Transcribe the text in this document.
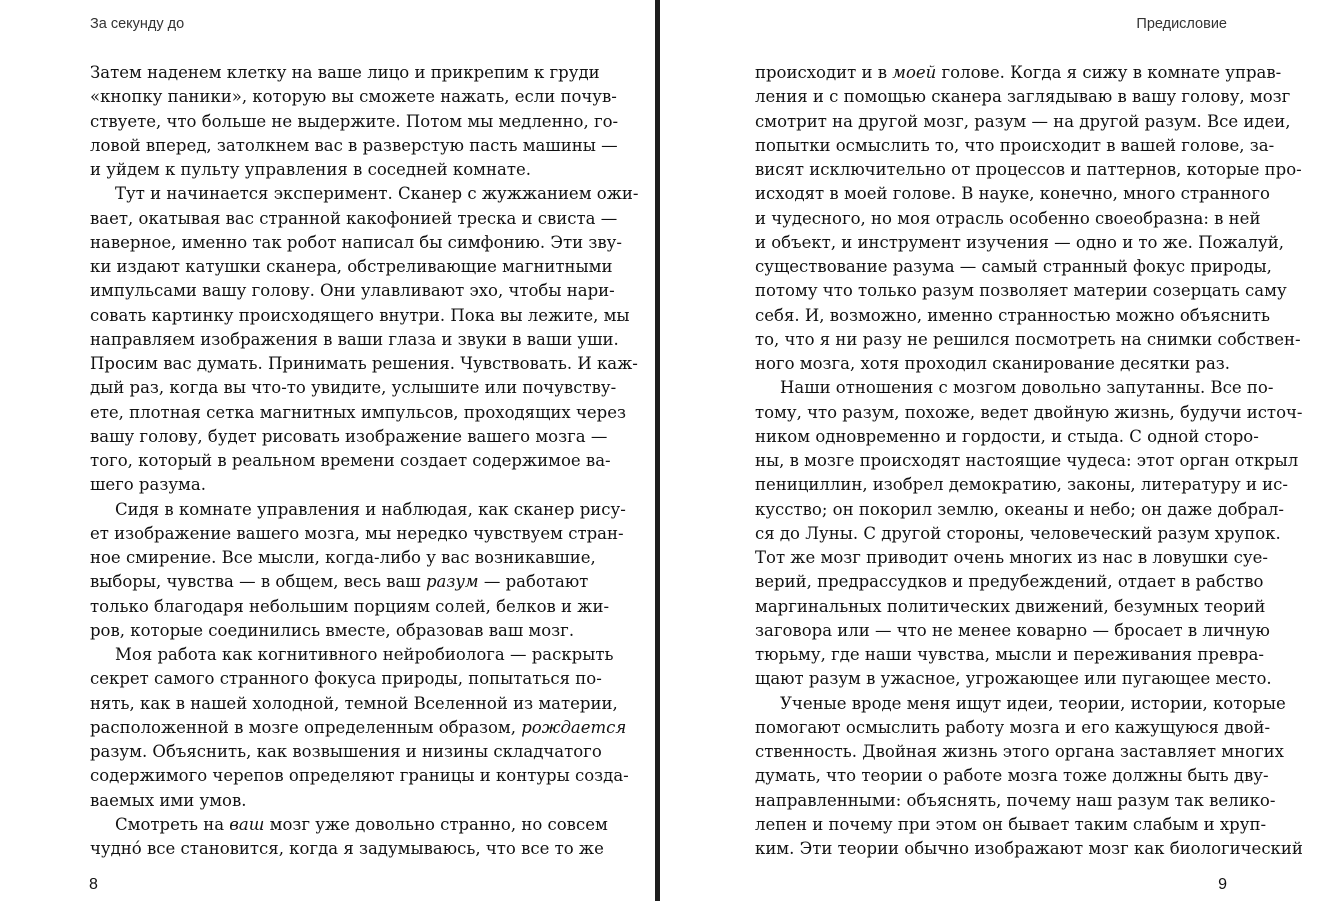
За секунду до
Затем наденем клетку на ваше лицо и прикрепим к груди
«кнопку паники», которую вы сможете нажать, если почув-
ствуете, что больше не выдержите. Потом мы медленно, го-
ловой вперед, затолкнем вас в разверстую пасть машины —
и уйдем к пульту управления в соседней комнате.
Тут и начинается эксперимент. Сканер с жужжанием ожи-
вает, окатывая вас странной какофонией треска и свиста —
наверное, именно так робот написал бы симфонию. Эти зву-
ки издают катушки сканера, обстреливающие магнитными
импульсами вашу голову. Они улавливают эхо, чтобы нари-
совать картинку происходящего внутри. Пока вы лежите, мы
направляем изображения в ваши глаза и звуки в ваши уши.
Просим вас думать. Принимать решения. Чувствовать. И каж-
дый раз, когда вы что-то увидите, услышите или почувству-
ете, плотная сетка магнитных импульсов, проходящих через
вашу голову, будет рисовать изображение вашего мозга —
того, который в реальном времени создает содержимое ва-
шего разума.
Сидя в комнате управления и наблюдая, как сканер рису-
ет изображение вашего мозга, мы нередко чувствуем стран-
ное смирение. Все мысли, когда-либо у вас возникавшие,
выборы, чувства — в общем, весь ваш разум — работают
только благодаря небольшим порциям солей, белков и жи-
ров, которые соединились вместе, образовав ваш мозг.
Моя работа как когнитивного нейробиолога — раскрыть
секрет самого странного фокуса природы, попытаться по-
нять, как в нашей холодной, темной Вселенной из материи,
расположенной в мозге определенным образом, рождается
разум. Объяснить, как возвышения и низины складчатого
содержимого черепов определяют границы и контуры созда-
ваемых ими умов.
Смотреть на ваш мозг уже довольно странно, но совсем
чудно́ все становится, когда я задумываюсь, что все то же
8
Предисловие
происходит и в моей голове. Когда я сижу в комнате управ-
ления и с помощью сканера заглядываю в вашу голову, мозг
смотрит на другой мозг, разум — на другой разум. Все идеи,
попытки осмыслить то, что происходит в вашей голове, за-
висят исключительно от процессов и паттернов, которые про-
исходят в моей голове. В науке, конечно, много странного
и чудесного, но моя отрасль особенно своеобразна: в ней
и объект, и инструмент изучения — одно и то же. Пожалуй,
существование разума — самый странный фокус природы,
потому что только разум позволяет материи созерцать саму
себя. И, возможно, именно странностью можно объяснить
то, что я ни разу не решился посмотреть на снимки собствен-
ного мозга, хотя проходил сканирование десятки раз.
Наши отношения с мозгом довольно запутанны. Все по-
тому, что разум, похоже, ведет двойную жизнь, будучи источ-
ником одновременно и гордости, и стыда. С одной сторо-
ны, в мозге происходят настоящие чудеса: этот орган открыл
пенициллин, изобрел демократию, законы, литературу и ис-
кусство; он покорил землю, океаны и небо; он даже добрал-
ся до Луны. С другой стороны, человеческий разум хрупок.
Тот же мозг приводит очень многих из нас в ловушки суе-
верий, предрассудков и предубеждений, отдает в рабство
маргинальных политических движений, безумных теорий
заговора или — что не менее коварно — бросает в личную
тюрьму, где наши чувства, мысли и переживания превра-
щают разум в ужасное, угрожающее или пугающее место.
Ученые вроде меня ищут идеи, теории, истории, которые
помогают осмыслить работу мозга и его кажущуюся двой-
ственность. Двойная жизнь этого органа заставляет многих
думать, что теории о работе мозга тоже должны быть дву-
направленными: объяснять, почему наш разум так велико-
лепен и почему при этом он бывает таким слабым и хруп-
ким. Эти теории обычно изображают мозг как биологический
9
